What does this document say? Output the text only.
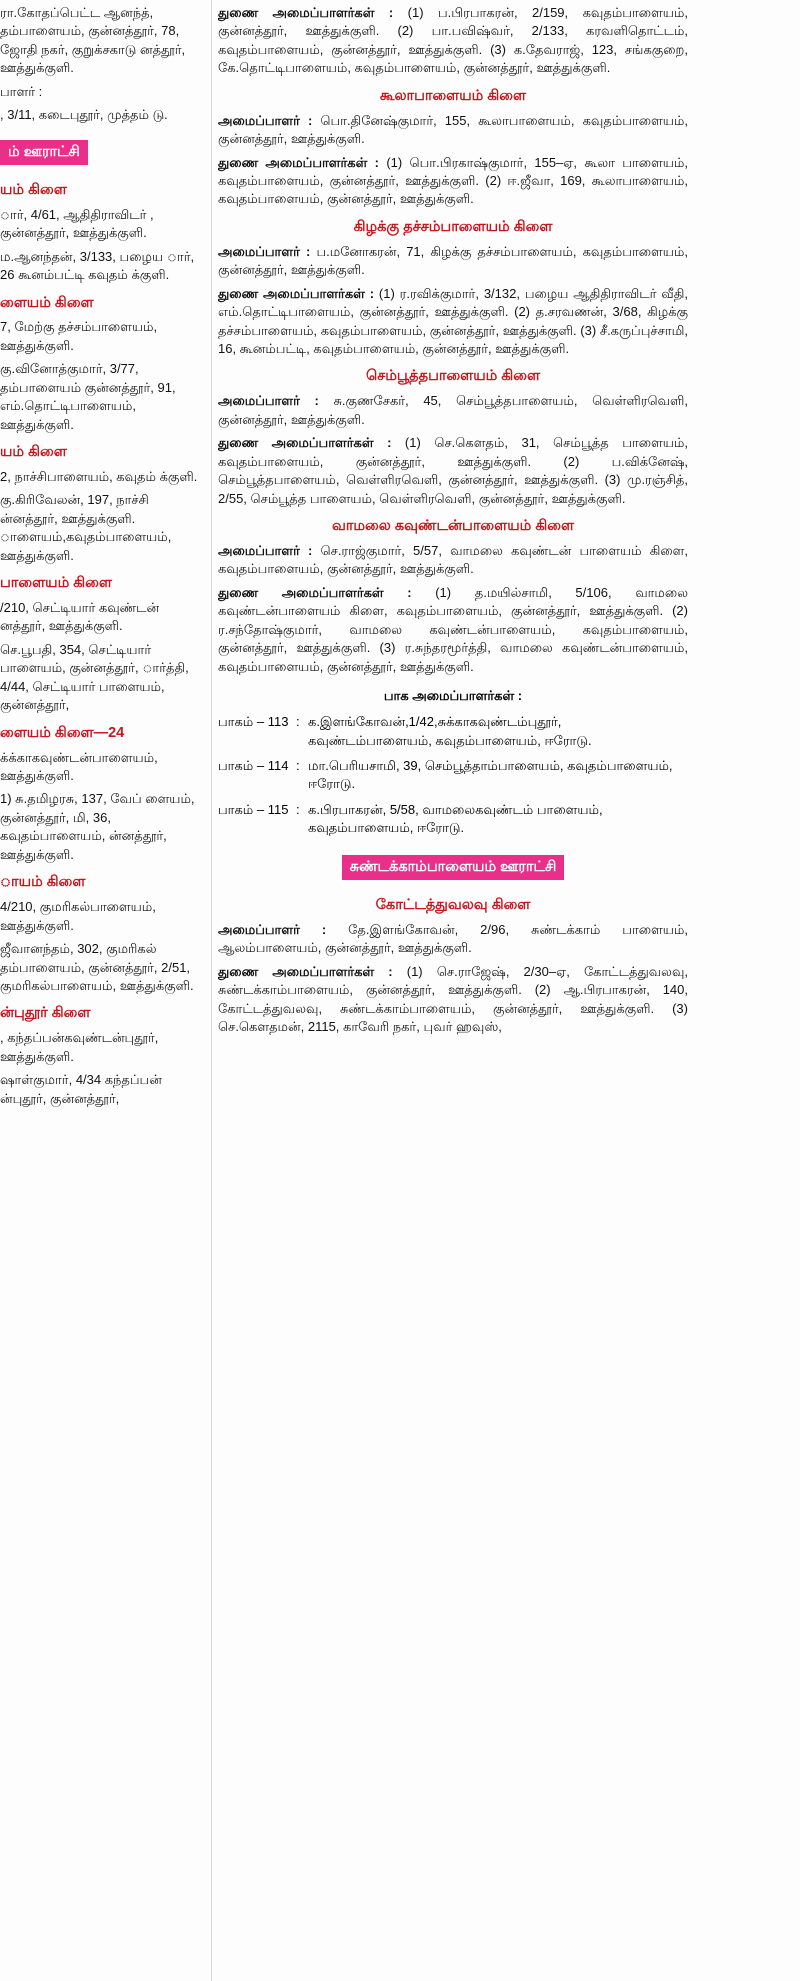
ரா.கோதப்பெட்ட ஆனந்த், தம்பாளையம், குன்னத்தூர், 78, ஜோதி நகர், குறுக்சகாடு னத்தூர், ஊத்துக்குளி.

பாளர் :

, 3/11, கடைபுதூர், முத்தம் டு.

ம் ஊராட்சி

யம் கிளை

ார், 4/61, ஆதிதிராவிடர் , குன்னத்தூர், ஊத்துக்குளி.

ம.ஆனந்தன், 3/133, பழைய ார், 26 கூனம்பட்டி கவுதம் க்குளி.

ளையம் கிளை

7, மேற்கு தச்சம்பாளையம், ஊத்துக்குளி.

கு.வினோத்குமார், 3/77, தம்பாளையம் குன்னத்தூர், 91, எம்.தொட்டிபாளையம், ஊத்துக்குளி.

யம் கிளை

2, நாச்சிபாளையம், கவுதம் க்குளி.

கு.கிரிவேலன், 197, நாச்சி ன்னத்தூர், ஊத்துக்குளி. ாளையம்,கவுதம்பாளையம், ஊத்துக்குளி.

பாளையம் கிளை

/210, செட்டியார் கவுண்டன் னத்தூர், ஊத்துக்குளி.

செ.பூபதி, 354, செட்டியார் பாளையம், குன்னத்தூர், ார்த்தி, 4/44, செட்டியார் பாளையம், குன்னத்தூர்,

ளையம் கிளை—24

க்க்காகவுண்டன்பாளையம், ஊத்துக்குளி.

1) சு.தமிழரசு, 137, வேப் ளையம், குன்னத்தூர், மி, 36, கவுதம்பாளையம், ன்னத்தூர், ஊத்துக்குளி.

ாயம் கிளை

4/210, குமரிகல்பாளையம், ஊத்துக்குளி.

ஜீவானந்தம், 302, குமரிகல் தம்பாளையம், குன்னத்தூர், 2/51, குமரிகல்பாளையம், ஊத்துக்குளி.

ன்புதூர் கிளை

, கந்தப்பன்கவுண்டன்புதூர், ஊத்துக்குளி.

ஷாள்குமார், 4/34 கந்தப்பன் ன்புதூர், குன்னத்தூர்,

துணை அமைப்பாளர்கள் : (1) ப.பிரபாகரன், 2/159, கவுதம்பாளையம், குன்னத்தூர், ஊத்துக்குளி. (2) பா.பவிஷ்வர், 2/133, கரவளிதொட்டம், கவுதம்பாளையம், குன்னத்தூர், ஊத்துக்குளி. (3) க.தேவராஜ், 123, சங்ககுறை, கே.தொட்டிபாளையம், கவுதம்பாளையம், குன்னத்தூர், ஊத்துக்குளி.

கூலாபாளையம் கிளை

அமைப்பாளர் : பொ.தினேஷ்குமார், 155, கூலாபாளையம், கவுதம்பாளையம், குன்னத்தூர், ஊத்துக்குளி.

துணை அமைப்பாளர்கள் : (1) பொ.பிரகாஷ்குமார், 155–ஏ, கூலா பாளையம், கவுதம்பாளையம், குன்னத்தூர், ஊத்துக்குளி. (2) ஈ.ஜீவா, 169, கூலாபாளையம், கவுதம்பாளையம், குன்னத்தூர், ஊத்துக்குளி.

கிழக்கு தச்சம்பாளையம் கிளை

அமைப்பாளர் : ப.மனோகரன், 71, கிழக்கு தச்சம்பாளையம், கவுதம்பாளையம், குன்னத்தூர், ஊத்துக்குளி.

துணை அமைப்பாளர்கள் : (1) ர.ரவிக்குமார், 3/132, பழைய ஆதிதிராவிடர் வீதி, எம்.தொட்டிபாளையம், குன்னத்தூர், ஊத்துக்குளி. (2) த.சரவணன், 3/68, கிழக்கு தச்சம்பாளையம், கவுதம்பாளையம், குன்னத்தூர், ஊத்துக்குளி. (3) சீ.கருப்புச்சாமி, 16, கூனம்பட்டி, கவுதம்பாளையம், குன்னத்தூர், ஊத்துக்குளி.

செம்பூத்தபாளையம் கிளை

அமைப்பாளர் : சு.குணசேகர், 45, செம்பூத்தபாளையம், வெள்ளிரவெளி, குன்னத்தூர், ஊத்துக்குளி.

துணை அமைப்பாளர்கள் : (1) செ.கௌதம், 31, செம்பூத்த பாளையம், கவுதம்பாளையம், குன்னத்தூர், ஊத்துக்குளி. (2) ப.விக்னேஷ், செம்பூத்தபாளையம், வெள்ளிரவெளி, குன்னத்தூர், ஊத்துக்குளி. (3) மு.ரஞ்சித், 2/55, செம்பூத்த பாளையம், வெள்ளிரவெளி, குன்னத்தூர், ஊத்துக்குளி.

வாமலை கவுண்டன்பாளையம் கிளை

அமைப்பாளர் : செ.ராஜ்குமார், 5/57, வாமலை கவுண்டன் பாளையம் கிளை, கவுதம்பாளையம், குன்னத்தூர், ஊத்துக்குளி.

துணை அமைப்பாளர்கள் : (1) த.மயில்சாமி, 5/106, வாமலை கவுண்டன்பாளையம் கிளை, கவுதம்பாளையம், குன்னத்தூர், ஊத்துக்குளி. (2) ர.சந்தோஷ்குமார், வாமலை கவுண்டன்பாளையம், கவுதம்பாளையம், குன்னத்தூர், ஊத்துக்குளி. (3) ர.சுந்தரமூர்த்தி, வாமலை கவுண்டன்பாளையம், கவுதம்பாளையம், குன்னத்தூர், ஊத்துக்குளி.

பாக அமைப்பாளர்கள் :

பாகம் – 113 : க.இளங்கோவன்,1/42,சுக்காகவுண்டம்புதூர், கவுண்டம்பாளையம், கவுதம்பாளையம், ஈரோடு.
பாகம் – 114 : மா.பெரியசாமி, 39, செம்பூத்தாம்பாளையம், கவுதம்பாளையம், ஈரோடு.
பாகம் – 115 : க.பிரபாகரன், 5/58, வாமலைகவுண்டம் பாளையம், கவுதம்பாளையம், ஈரோடு.
சுண்டக்காம்பாளையம் ஊராட்சி

கோட்டத்துவலவு கிளை

அமைப்பாளர் : தே.இளங்கோவன், 2/96, சுண்டக்காம் பாளையம், ஆலம்பாளையம், குன்னத்தூர், ஊத்துக்குளி.

துணை அமைப்பாளர்கள் : (1) செ.ராஜேஷ், 2/30–ஏ, கோட்டத்துவலவு, சுண்டக்காம்பாளையம், குன்னத்தூர், ஊத்துக்குளி. (2) ஆ.பிரபாகரன், 140, கோட்டத்துவலவு, சுண்டக்காம்பாளையம், குன்னத்தூர், ஊத்துக்குளி. (3) செ.கௌதமன், 2115, காவேரி நகர், புவர் ஹவுஸ்,
